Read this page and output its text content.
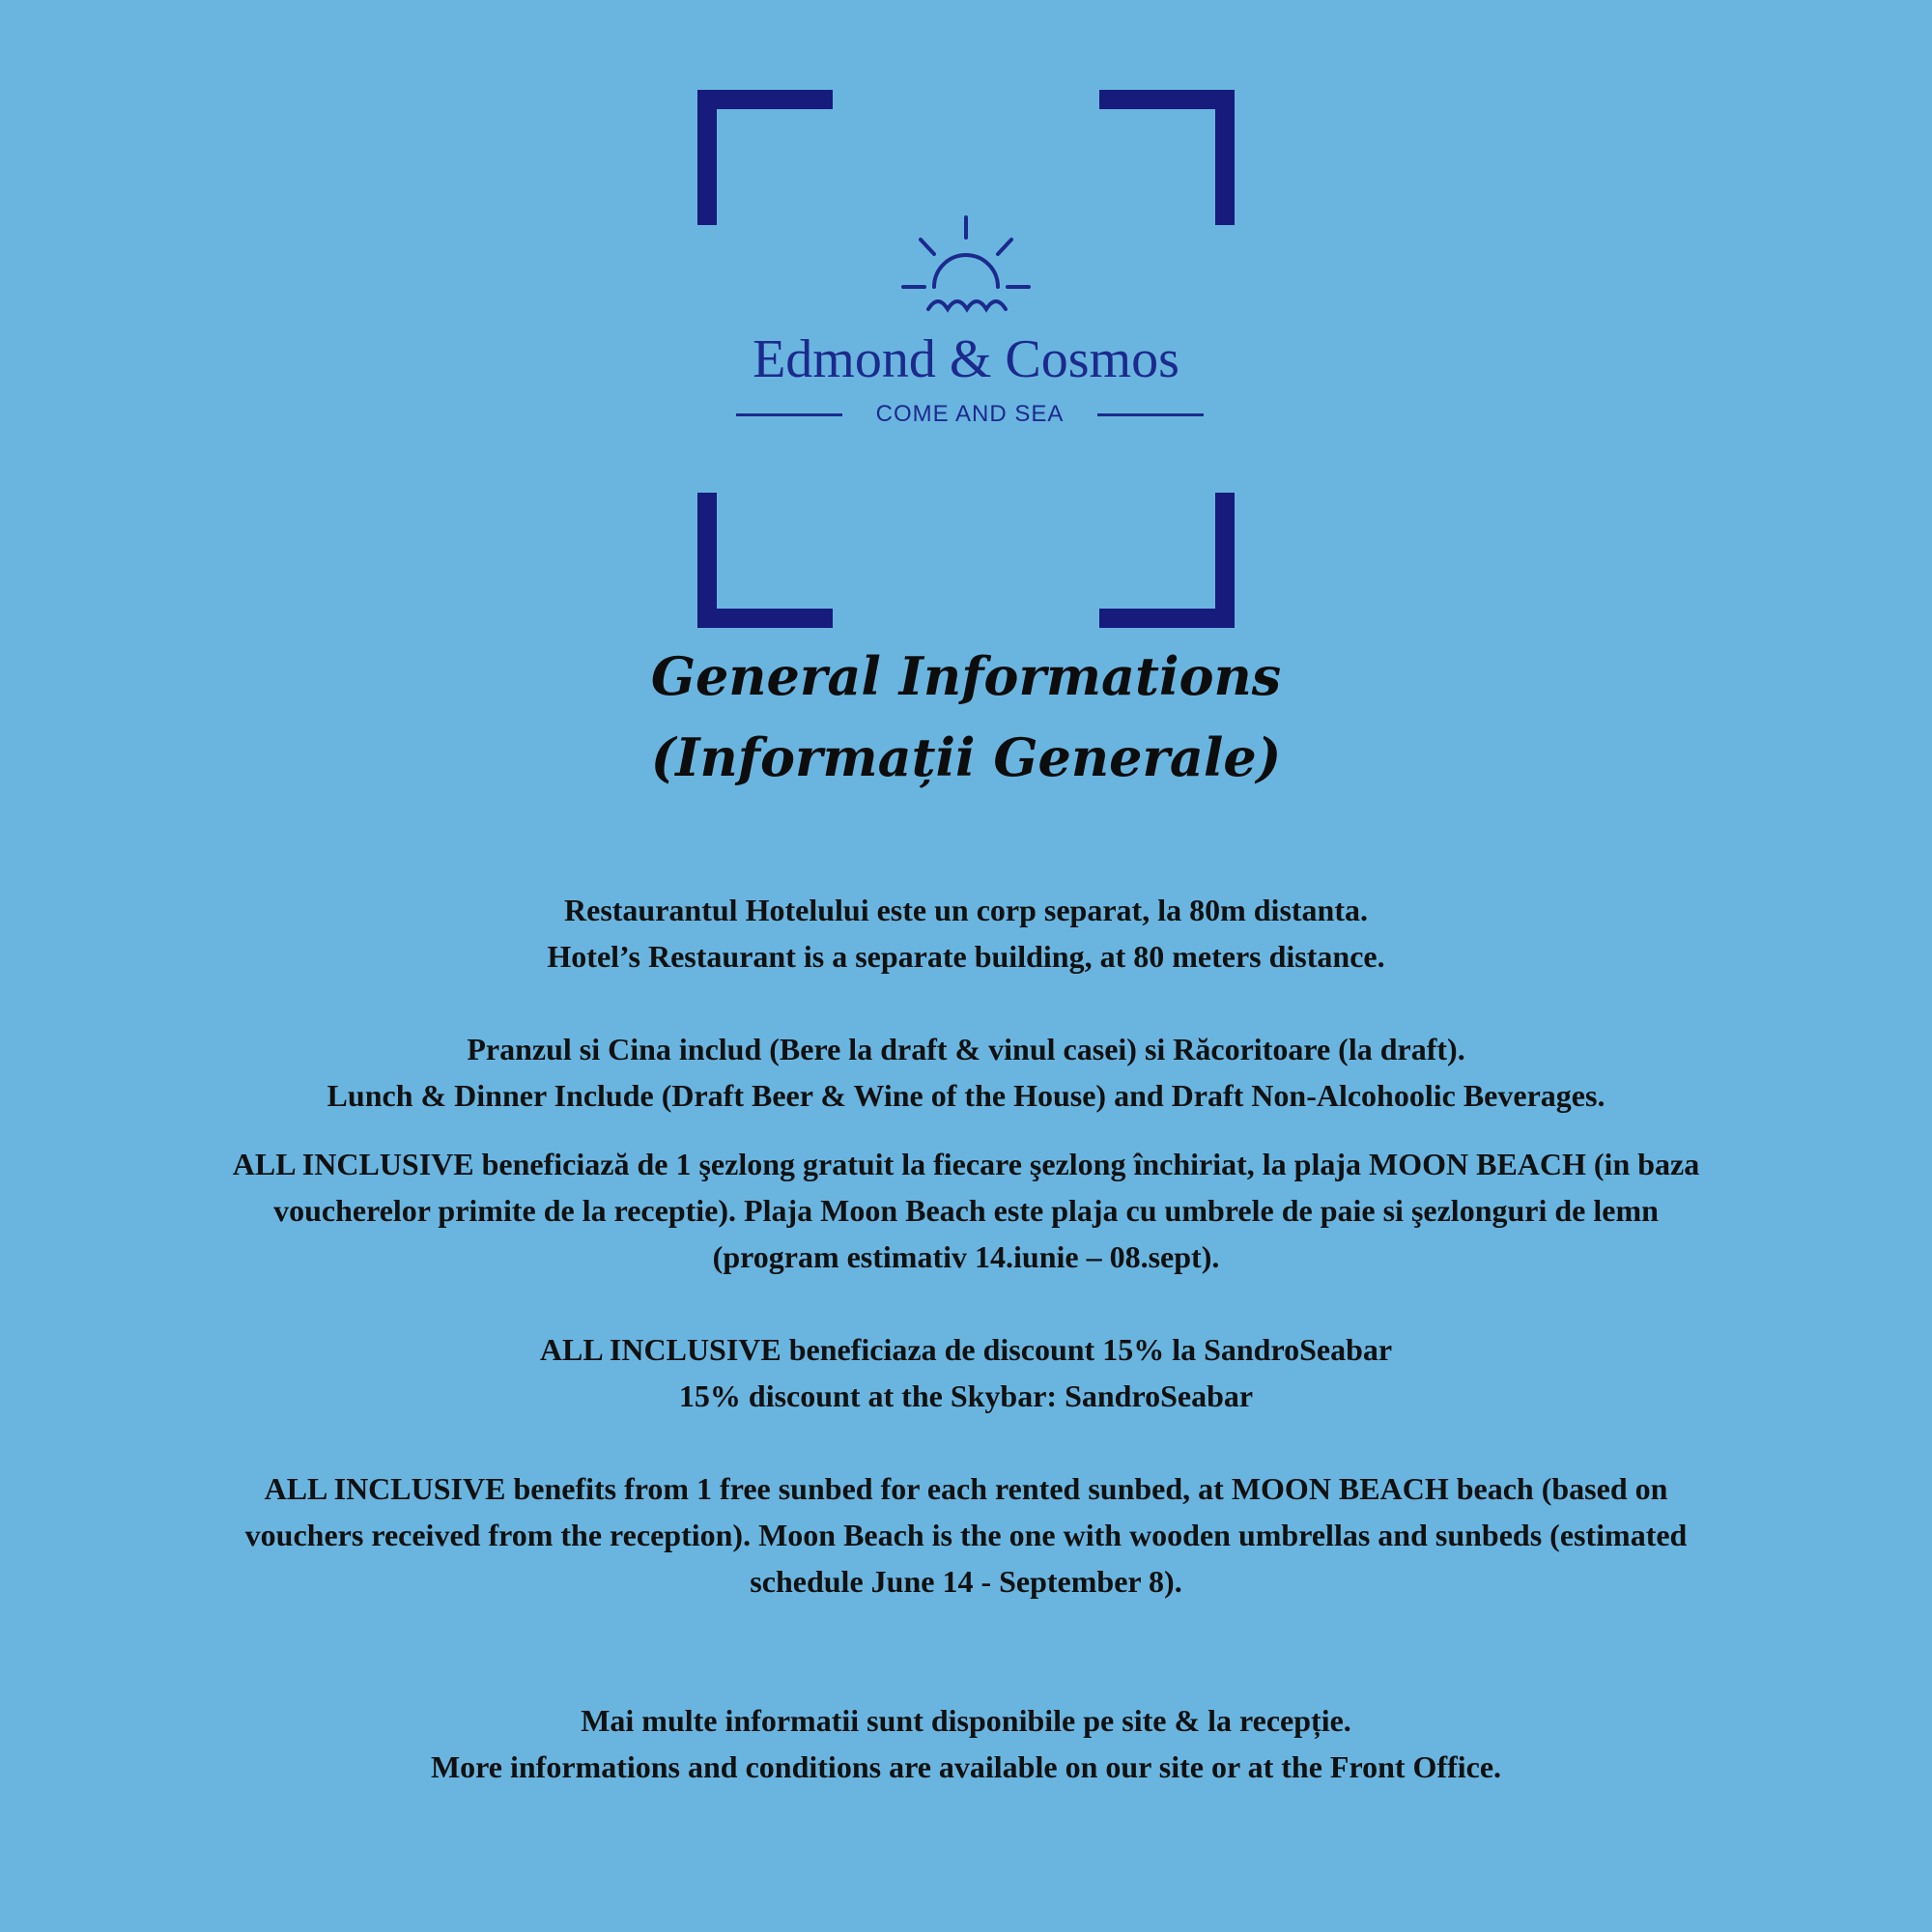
Edmond & Cosmos
COME AND SEA
General Informations
(Informații Generale)

Restaurantul Hotelului este un corp separat, la 80m distanta.
Hotel’s Restaurant is a separate building, at 80 meters distance.

Pranzul si Cina includ (Bere la draft & vinul casei) si Răcoritoare (la draft).
Lunch & Dinner Include (Draft Beer & Wine of the House) and Draft Non-Alcohoolic Beverages.

ALL INCLUSIVE beneficiază de 1 şezlong gratuit la fiecare şezlong închiriat, la plaja MOON BEACH (in baza voucherelor primite de la receptie). Plaja Moon Beach este plaja cu umbrele de paie si şezlonguri de lemn (program estimativ 14.iunie – 08.sept).

ALL INCLUSIVE beneficiaza de discount 15% la SandroSeabar
15% discount at the Skybar: SandroSeabar

ALL INCLUSIVE benefits from 1 free sunbed for each rented sunbed, at MOON BEACH beach (based on vouchers received from the reception). Moon Beach is the one with wooden umbrellas and sunbeds (estimated schedule June 14 - September 8).

Mai multe informatii sunt disponibile pe site & la recepție.
More informations and conditions are available on our site or at the Front Office.
